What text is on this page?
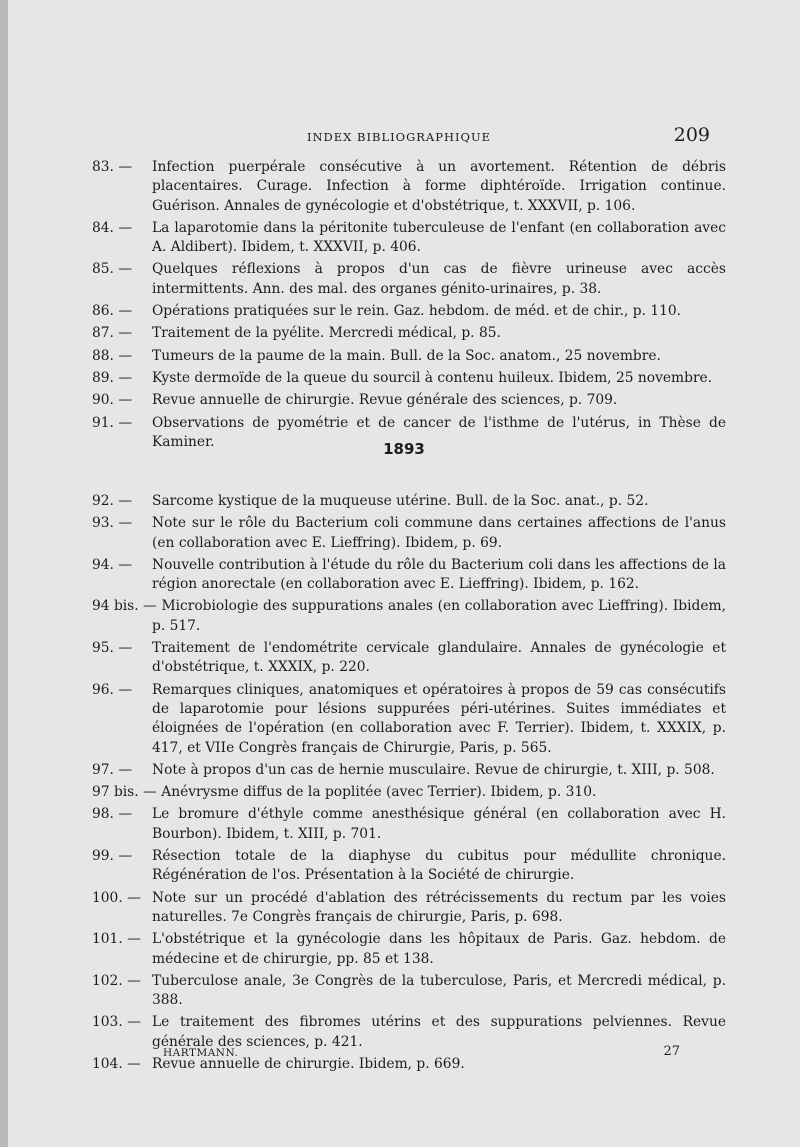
INDEX BIBLIOGRAPHIQUE	209

83. — Infection puerpérale consécutive à un avortement. Rétention de débris placentaires. Curage. Infection à forme diphtéroïde. Irrigation continue. Guérison. Annales de gynécologie et d'obstétrique, t. XXXVII, p. 106.

84. — La laparotomie dans la péritonite tuberculeuse de l'enfant (en collaboration avec A. Aldibert). Ibidem, t. XXXVII, p. 406.

85. — Quelques réflexions à propos d'un cas de fièvre urineuse avec accès intermittents. Ann. des mal. des organes génito-urinaires, p. 38.

86. — Opérations pratiquées sur le rein. Gaz. hebdom. de méd. et de chir., p. 110.

87. — Traitement de la pyélite. Mercredi médical, p. 85.

88. — Tumeurs de la paume de la main. Bull. de la Soc. anatom., 25 novembre.

89. — Kyste dermoïde de la queue du sourcil à contenu huileux. Ibidem, 25 novembre.

90. — Revue annuelle de chirurgie. Revue générale des sciences, p. 709.

91. — Observations de pyométrie et de cancer de l'isthme de l'utérus, in Thèse de Kaminer.	1893

92. — Sarcome kystique de la muqueuse utérine. Bull. de la Soc. anat., p. 52.

93. — Note sur le rôle du Bacterium coli commune dans certaines affections de l'anus (en collaboration avec E. Lieffring). Ibidem, p. 69.

94. — Nouvelle contribution à l'étude du rôle du Bacterium coli dans les affections de la région anorectale (en collaboration avec E. Lieffring). Ibidem, p. 162.

94 bis. — Microbiologie des suppurations anales (en collaboration avec Lieffring). Ibidem, p. 517.

95. — Traitement de l'endométrite cervicale glandulaire. Annales de gynécologie et d'obstétrique, t. XXXIX, p. 220.

96. — Remarques cliniques, anatomiques et opératoires à propos de 59 cas consécutifs de laparotomie pour lésions suppurées péri-utérines. Suites immédiates et éloignées de l'opération (en collaboration avec F. Terrier). Ibidem, t. XXXIX, p. 417, et VIIe Congrès français de Chirurgie, Paris, p. 565.

97. — Note à propos d'un cas de hernie musculaire. Revue de chirurgie, t. XIII, p. 508.

97 bis. — Anévrysme diffus de la poplitée (avec Terrier). Ibidem, p. 310.

98. — Le bromure d'éthyle comme anesthésique général (en collaboration avec H. Bourbon). Ibidem, t. XIII, p. 701.

99. — Résection totale de la diaphyse du cubitus pour médullite chronique. Régénération de l'os. Présentation à la Société de chirurgie.

100. — Note sur un procédé d'ablation des rétrécissements du rectum par les voies naturelles. 7e Congrès français de chirurgie, Paris, p. 698.

101. — L'obstétrique et la gynécologie dans les hôpitaux de Paris. Gaz. hebdom. de médecine et de chirurgie, pp. 85 et 138.

102. — Tuberculose anale, 3e Congrès de la tuberculose, Paris, et Mercredi médical, p. 388.

103. — Le traitement des fibromes utérins et des suppurations pelviennes. Revue générale des sciences, p. 421.

104. — Revue annuelle de chirurgie. Ibidem, p. 669.

HARTMANN.	27
